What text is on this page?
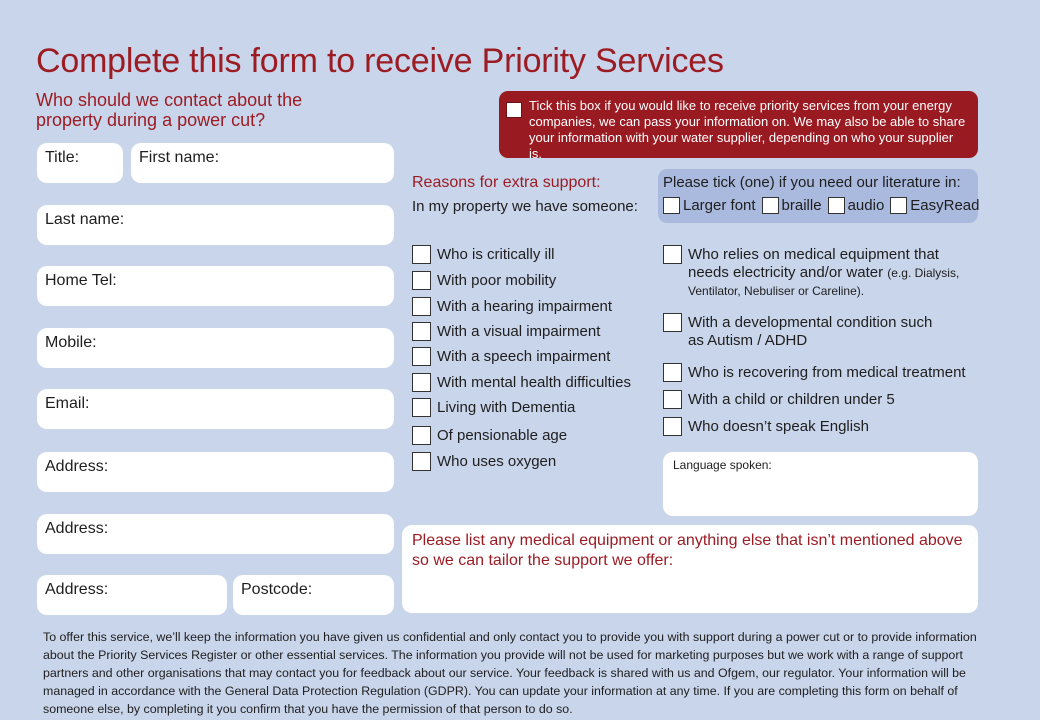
Complete this form to receive Priority Services
Who should we contact about the property during a power cut?
Title:	First name:
Last name:
Home Tel:
Mobile:
Email:
Address:
Address:
Address:	Postcode:
Tick this box if you would like to receive priority services from your energy companies, we can pass your information on. We may also be able to share your information with your water supplier, depending on who your supplier is.
Reasons for extra support:
In my property we have someone:
Please tick (one) if you need our literature in:
Larger font braille audio EasyRead
Who is critically ill
With poor mobility
With a hearing impairment
With a visual impairment
With a speech impairment
With mental health difficulties
Living with Dementia
Of pensionable age
Who uses oxygen
Who relies on medical equipment that needs electricity and/or water (e.g. Dialysis, Ventilator, Nebuliser or Careline).
With a developmental condition such as Autism / ADHD
Who is recovering from medical treatment
With a child or children under 5
Who doesn’t speak English
Language spoken:
Please list any medical equipment or anything else that isn’t mentioned above so we can tailor the support we offer:
To offer this service, we’ll keep the information you have given us confidential and only contact you to provide you with support during a power cut or to provide information about the Priority Services Register or other essential services. The information you provide will not be used for marketing purposes but we work with a range of support partners and other organisations that may contact you for feedback about our service. Your feedback is shared with us and Ofgem, our regulator. Your information will be managed in accordance with the General Data Protection Regulation (GDPR). You can update your information at any time. If you are completing this form on behalf of someone else, by completing it you confirm that you have the permission of that person to do so.
